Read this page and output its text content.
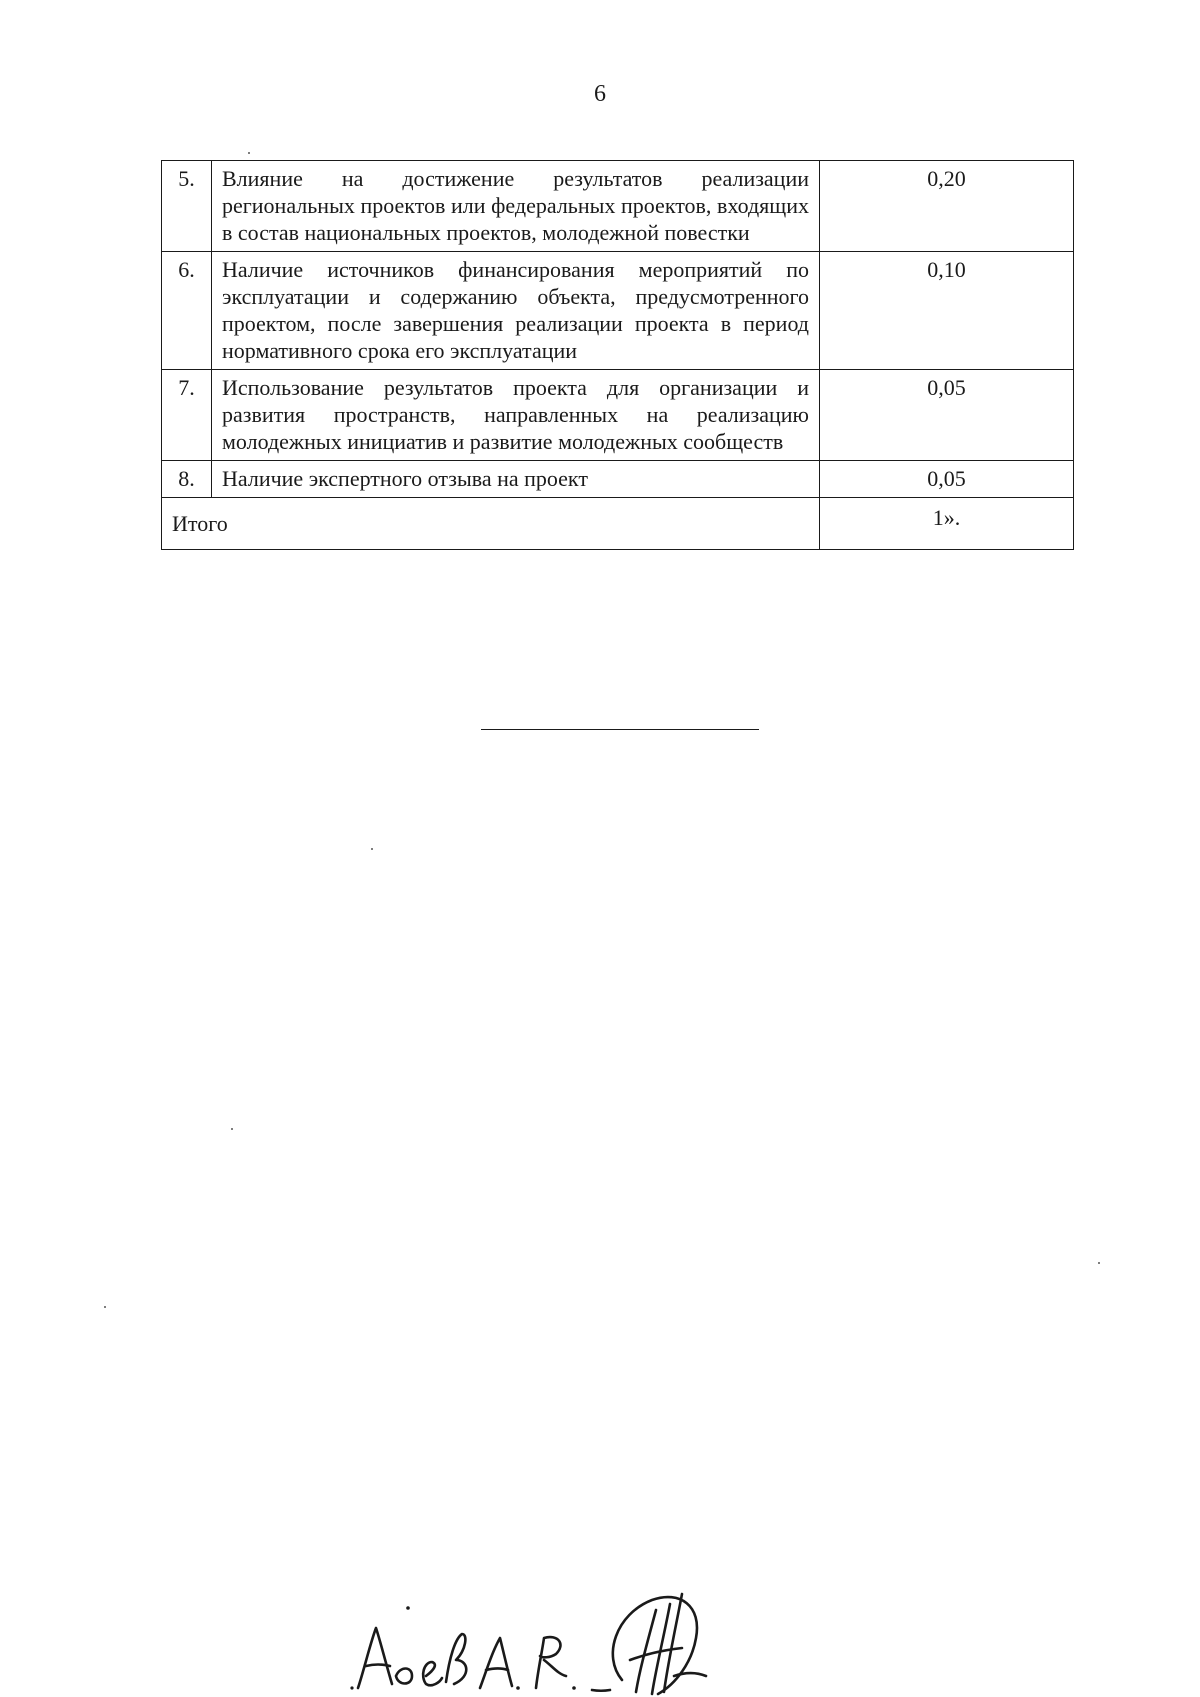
6
5.	Влияние на достижение результатов реализации региональных проектов или федеральных проектов, входящих в состав национальных проектов, молодежной повестки	0,20
6.	Наличие источников финансирования мероприятий по эксплуатации и содержанию объекта, предусмотренного проектом, после завершения реализации проекта в период нормативного срока его эксплуатации	0,10
7.	Использование результатов проекта для организации и развития пространств, направленных на реализацию молодежных инициатив и развитие молодежных сообществ	0,05
8.	Наличие экспертного отзыва на проект	0,05
Итого		1».
